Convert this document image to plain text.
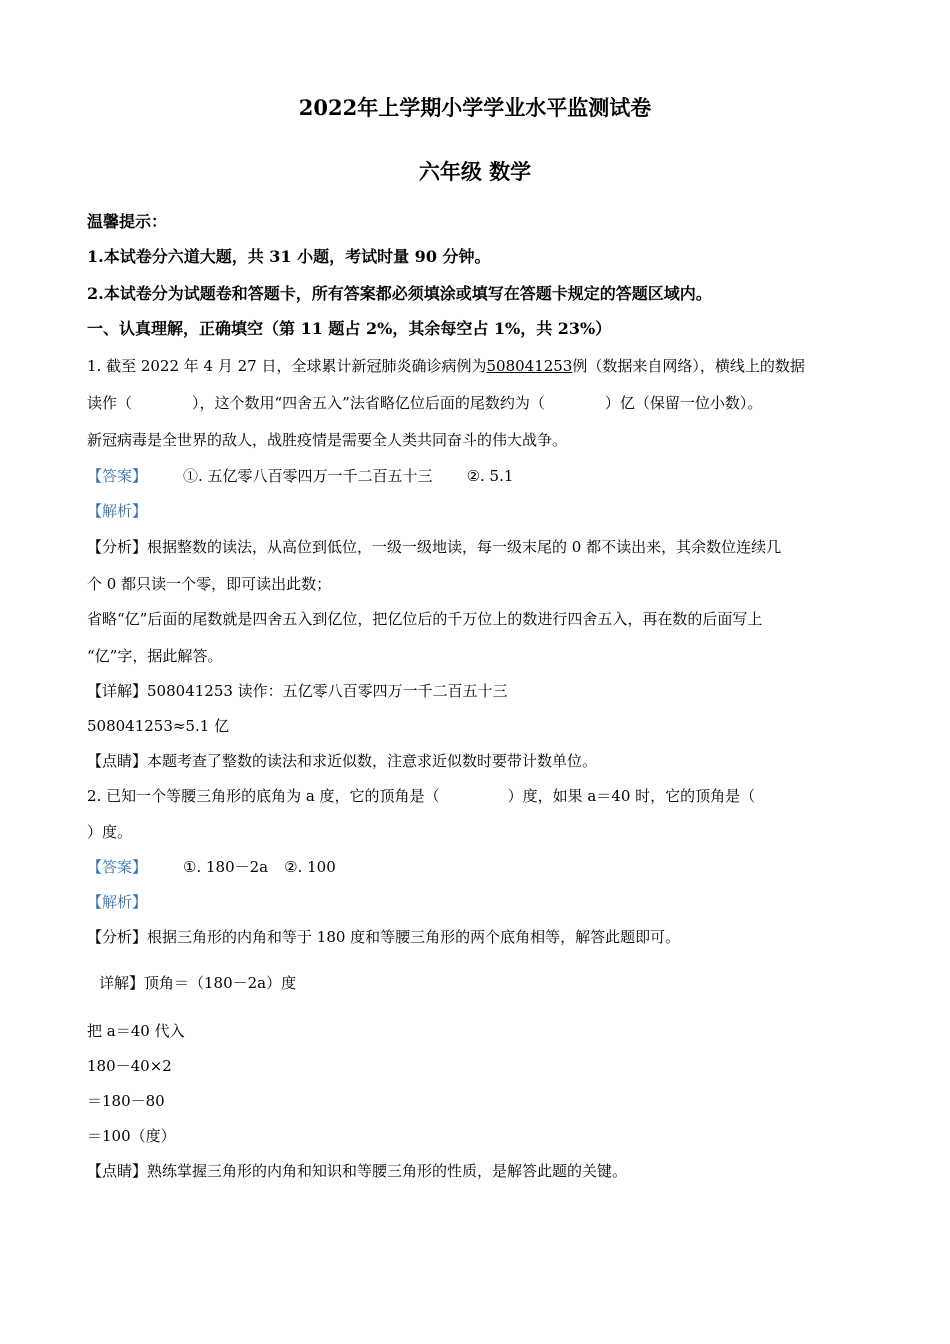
2022年上学期小学学业水平监测试卷
六年级 数学
温馨提示：
1.本试卷分六道大题，共 31 小题，考试时量 90 分钟。
2.本试卷分为试题卷和答题卡，所有答案都必须填涂或填写在答题卡规定的答题区域内。
一、认真理解，正确填空（第 11 题占 2%，其余每空占 1%，共 23%）
1. 截至 2022 年 4 月 27 日，全球累计新冠肺炎确诊病例为508041253例（数据来自网络），横线上的数据
读作（	），这个数用“四舍五入”法省略亿位后面的尾数约为（	）亿（保留一位小数）。
新冠病毒是全世界的敌人，战胜疫情是需要全人类共同奋斗的伟大战争。
【答案】 ①. 五亿零八百零四万一千二百五十三 ②. 5.1
【解析】
【分析】根据整数的读法，从高位到低位，一级一级地读，每一级末尾的 0 都不读出来，其余数位连续几
个 0 都只读一个零，即可读出此数；
省略“亿”后面的尾数就是四舍五入到亿位，把亿位后的千万位上的数进行四舍五入，再在数的后面写上
“亿”字，据此解答。
【详解】508041253 读作：五亿零八百零四万一千二百五十三
508041253≈5.1 亿
【点睛】本题考查了整数的读法和求近似数，注意求近似数时要带计数单位。
2. 已知一个等腰三角形的底角为 a 度，它的顶角是（	）度，如果 a＝40 时，它的顶角是（
）度。
【答案】 ①. 180－2a ②. 100
【解析】
【分析】根据三角形的内角和等于 180 度和等腰三角形的两个底角相等，解答此题即可。
详解】顶角＝（180－2a）度
把 a＝40 代入
180－40×2
＝180－80
＝100（度）
【点睛】熟练掌握三角形的内角和知识和等腰三角形的性质，是解答此题的关键。
